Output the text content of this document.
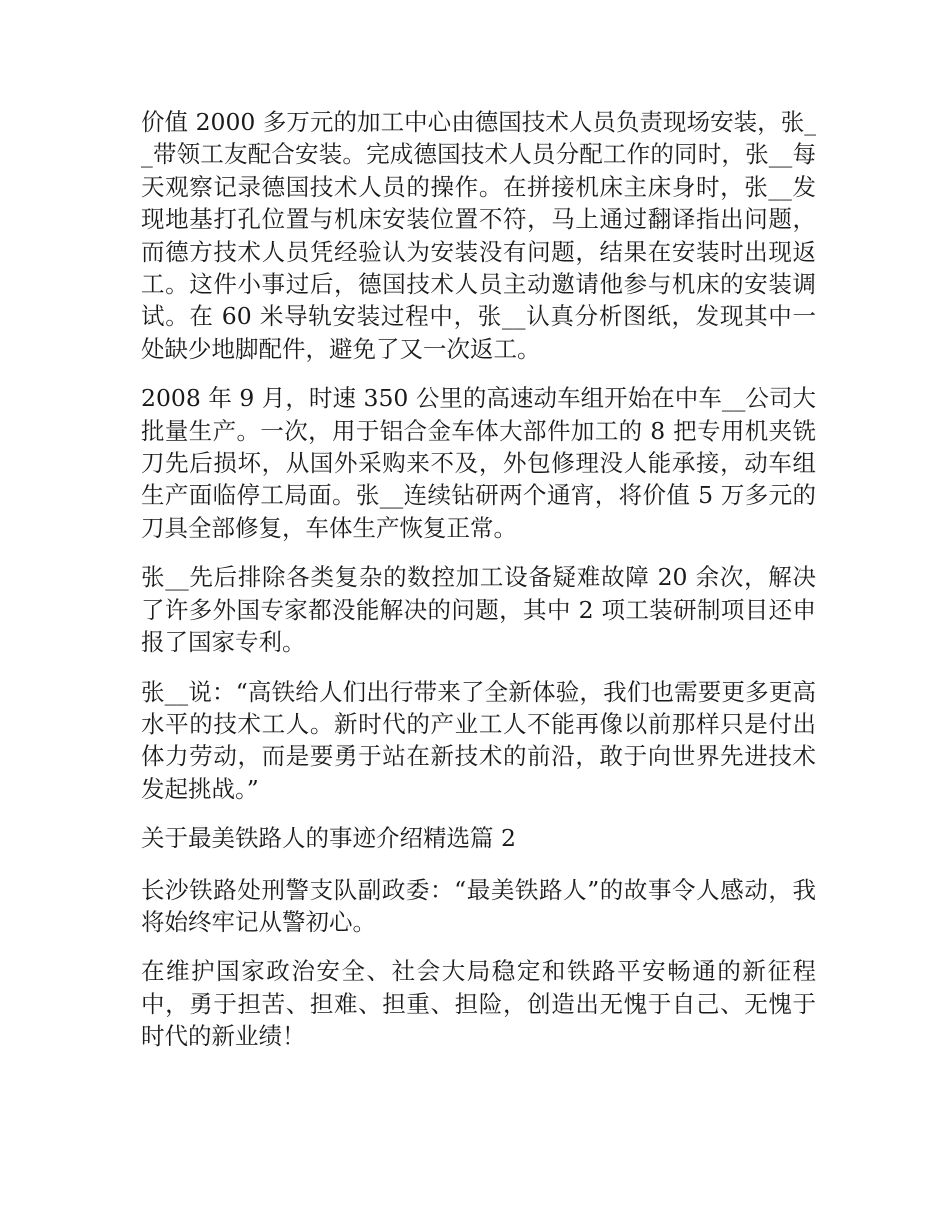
价值 2000 多万元的加工中心由德国技术人员负责现场安装，张__带领工友配合安装。完成德国技术人员分配工作的同时，张__每天观察记录德国技术人员的操作。在拼接机床主床身时，张__发现地基打孔位置与机床安装位置不符，马上通过翻译指出问题，而德方技术人员凭经验认为安装没有问题，结果在安装时出现返工。这件小事过后，德国技术人员主动邀请他参与机床的安装调试。在 60 米导轨安装过程中，张__认真分析图纸，发现其中一处缺少地脚配件，避免了又一次返工。

2008 年 9 月，时速 350 公里的高速动车组开始在中车__公司大批量生产。一次，用于铝合金车体大部件加工的 8 把专用机夹铣刀先后损坏，从国外采购来不及，外包修理没人能承接，动车组生产面临停工局面。张__连续钻研两个通宵，将价值 5 万多元的刀具全部修复，车体生产恢复正常。

张__先后排除各类复杂的数控加工设备疑难故障 20 余次，解决了许多外国专家都没能解决的问题，其中 2 项工装研制项目还申报了国家专利。

张__说：“高铁给人们出行带来了全新体验，我们也需要更多更高水平的技术工人。新时代的产业工人不能再像以前那样只是付出体力劳动，而是要勇于站在新技术的前沿，敢于向世界先进技术发起挑战。”

关于最美铁路人的事迹介绍精选篇 2

长沙铁路处刑警支队副政委：“最美铁路人”的故事令人感动，我将始终牢记从警初心。

在维护国家政治安全、社会大局稳定和铁路平安畅通的新征程中，勇于担苦、担难、担重、担险，创造出无愧于自己、无愧于时代的新业绩！
